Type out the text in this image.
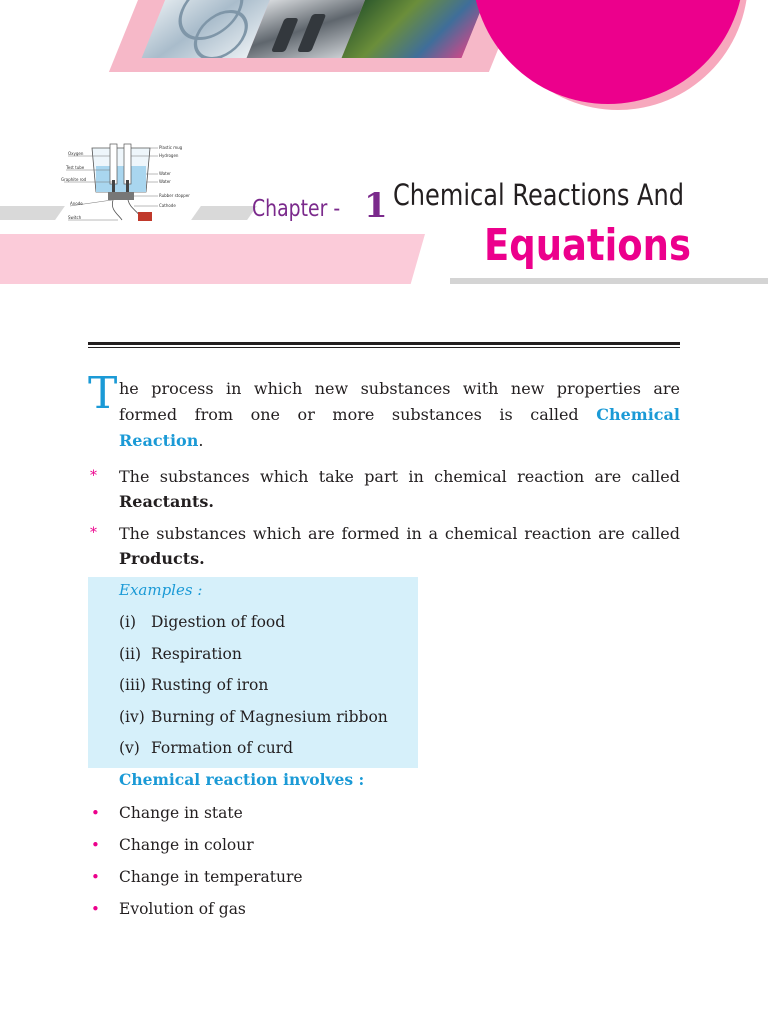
Oxygen
Test tube
Graphite rod
Anode
Switch
Plastic mug
Hydrogen
Water
Water
Rubber stopper
Cathode	Chapter - 1 Chemical Reactions And
Equations
T he process in which new substances with new properties are formed from one or more substances is called Chemical Reaction.

* The substances which take part in chemical reaction are called Reactants.
* The substances which are formed in a chemical reaction are called Products.
Examples :
(i) Digestion of food
(ii) Respiration
(iii) Rusting of iron
(iv) Burning of Magnesium ribbon
(v) Formation of curd
Chemical reaction involves :
• Change in state
• Change in colour
• Change in temperature
• Evolution of gas
